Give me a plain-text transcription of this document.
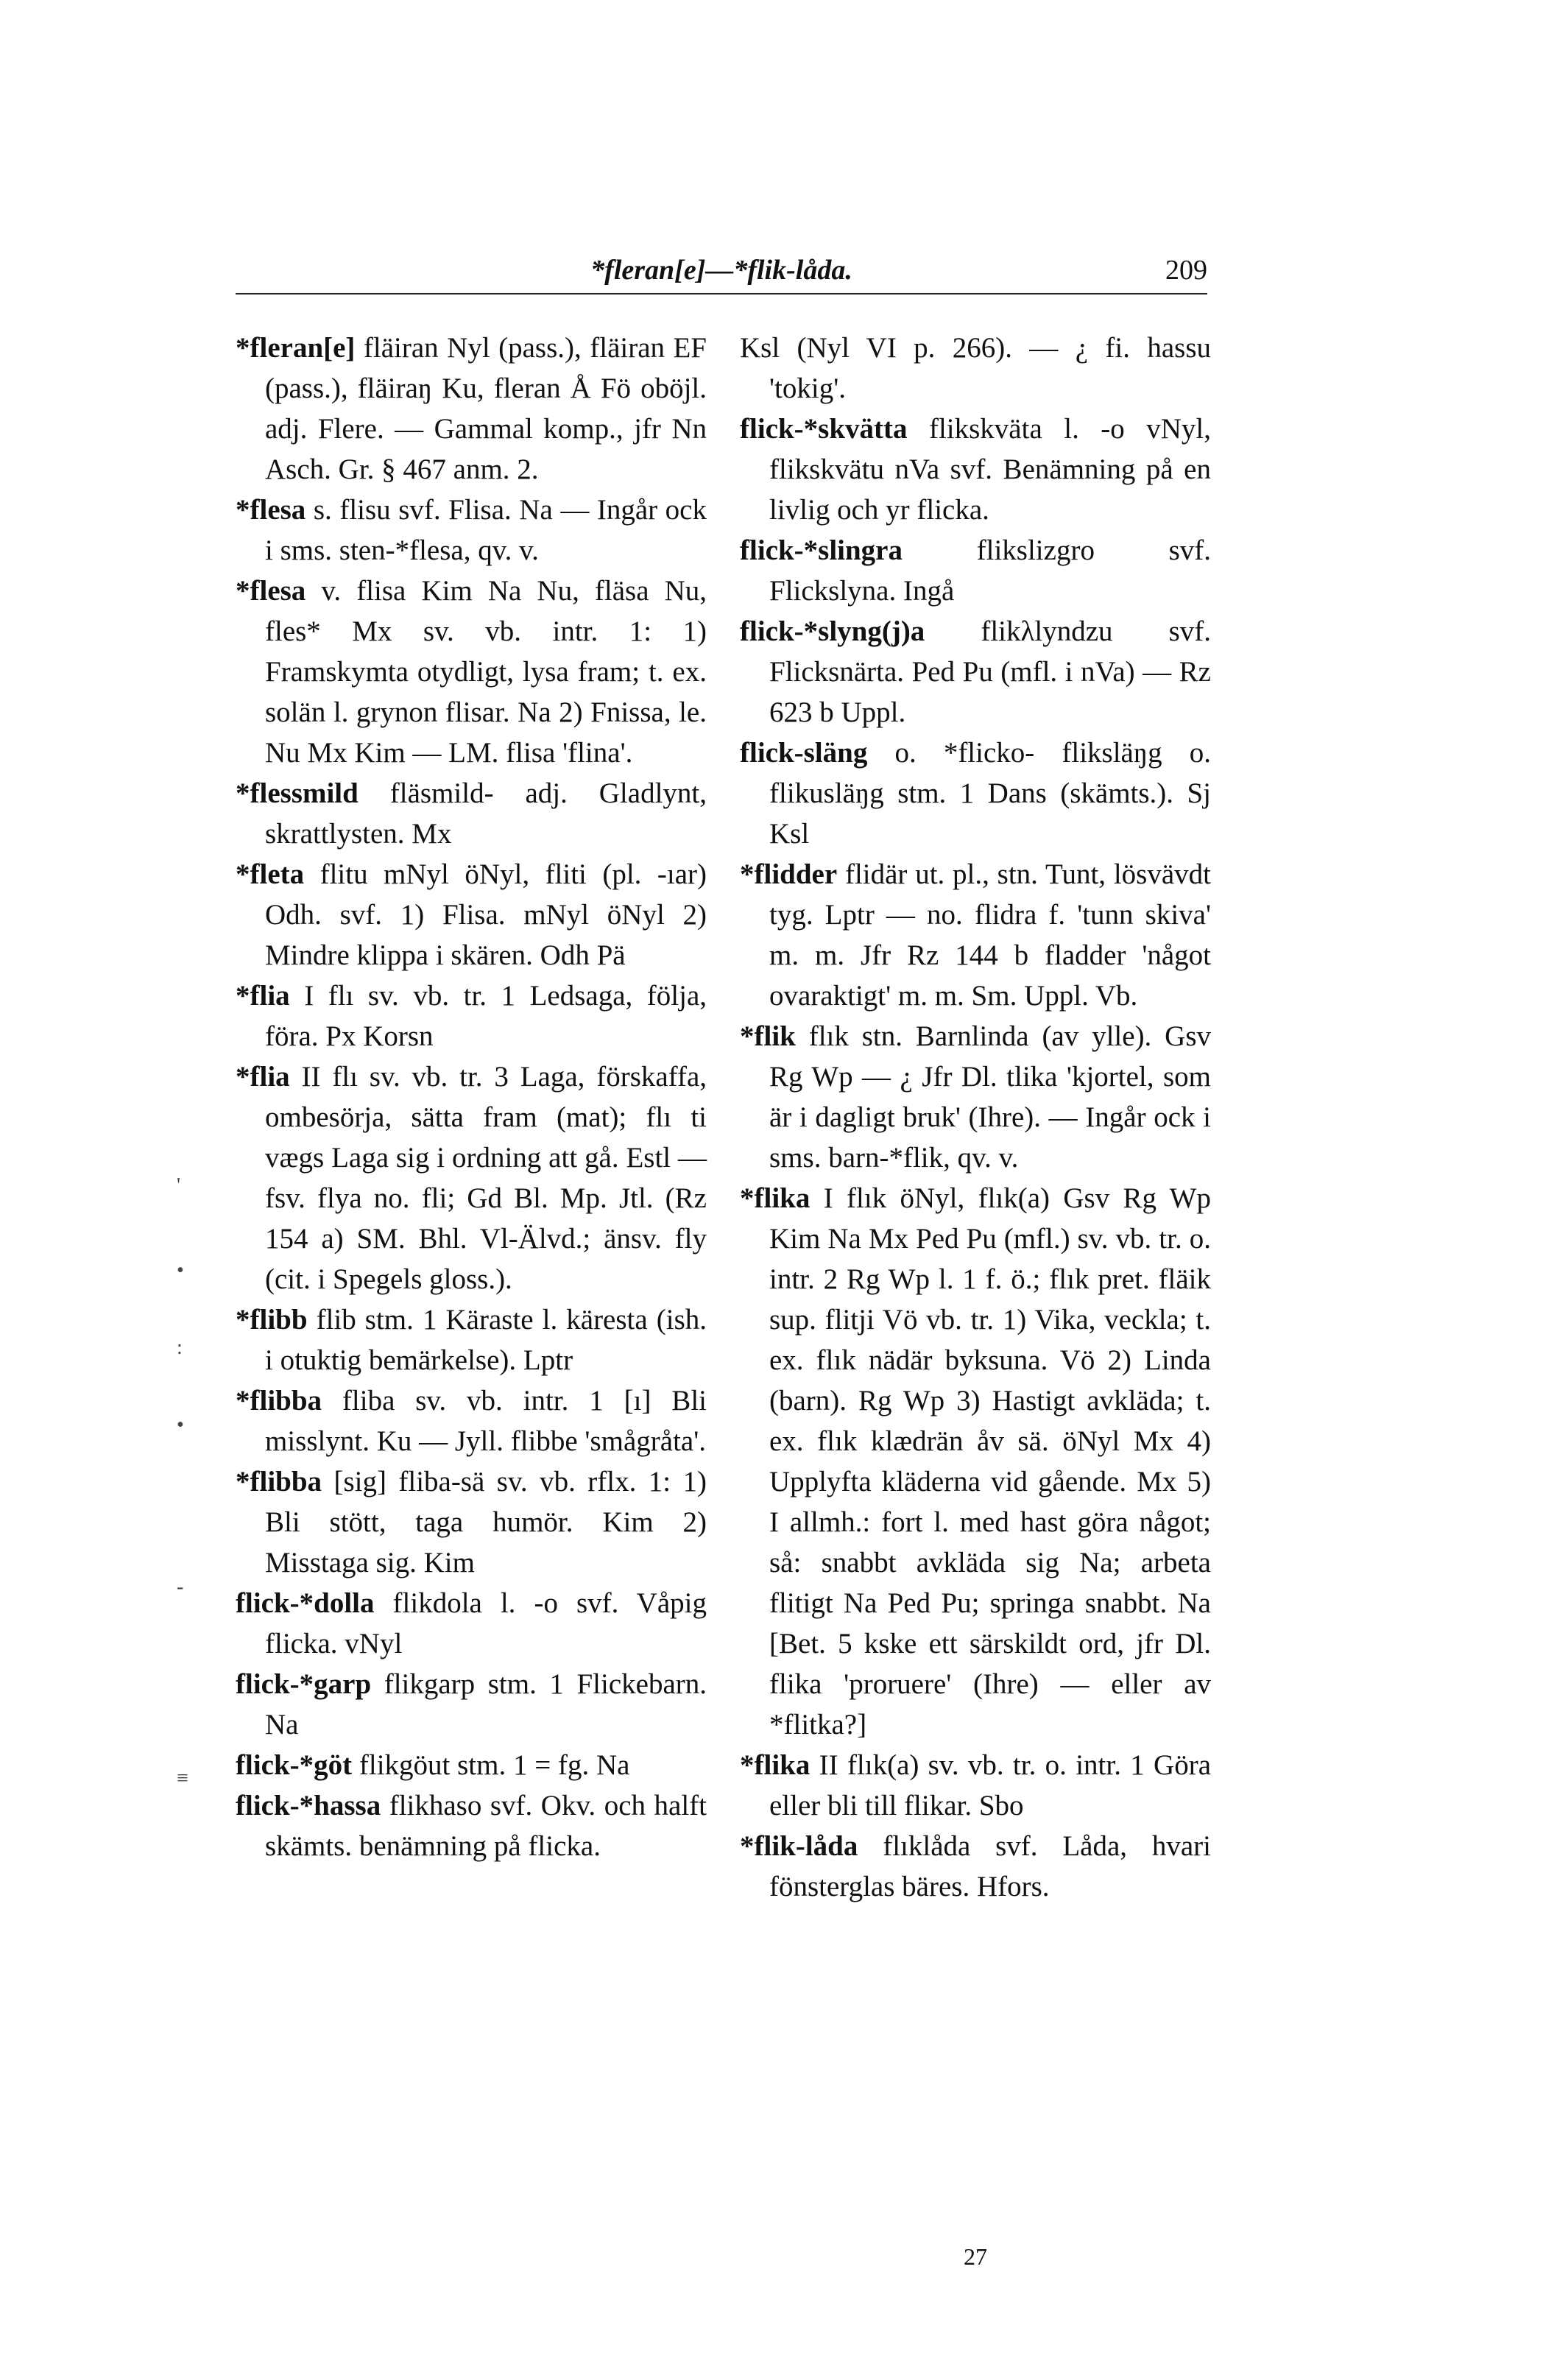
*fleran[e]—*flik-låda.	209

*fleran[e] fläiran Nyl (pass.), fläiran EF (pass.), fläiraŋ Ku, fleran Å Fö oböjl. adj. Flere. — Gammal komp., jfr Nn Asch. Gr. § 467 anm. 2.

*flesa s. flisu svf. Flisa. Na — Ingår ock i sms. sten-*flesa, qv. v.

*flesa v. flisa Kim Na Nu, fläsa Nu, fles* Mx sv. vb. intr. 1: 1) Framskymta otydligt, lysa fram; t. ex. solän l. grynon flisar. Na 2) Fnissa, le. Nu Mx Kim — LM. flisa 'flina'.

*flessmild fläsmild- adj. Gladlynt, skrattlysten. Mx

*fleta flitu mNyl öNyl, fliti (pl. -ıar) Odh. svf. 1) Flisa. mNyl öNyl 2) Mindre klippa i skären. Odh Pä

*flia I flı sv. vb. tr. 1 Ledsaga, följa, föra. Px Korsn

*flia II flı sv. vb. tr. 3 Laga, förskaffa, ombesörja, sätta fram (mat); flı ti vægs Laga sig i ordning att gå. Estl — fsv. flya no. fli; Gd Bl. Mp. Jtl. (Rz 154 a) SM. Bhl. Vl-Älvd.; änsv. fly (cit. i Spegels gloss.).

*flibb flib stm. 1 Käraste l. käresta (ish. i otuktig bemärkelse). Lptr

*flibba fliba sv. vb. intr. 1 [ı] Bli misslynt. Ku — Jyll. flibbe 'smågråta'.

*flibba [sig] fliba-sä sv. vb. rflx. 1: 1) Bli stött, taga humör. Kim 2) Misstaga sig. Kim

flick-*dolla flikdola l. -o svf. Våpig flicka. vNyl

flick-*garp flikgarp stm. 1 Flickebarn. Na

flick-*göt flikgöut stm. 1 = fg. Na

flick-*hassa flikhaso svf. Okv. och halft skämts. benämning på flicka.

Ksl (Nyl VI p. 266). — ¿ fi. hassu 'tokig'.

flick-*skvätta flikskväta l. -o vNyl, flikskvätu nVa svf. Benämning på en livlig och yr flicka.

flick-*slingra	flikslizgro svf. Flickslyna. Ingå

flick-*slyng(j)a flikλlyndzu svf. Flicksnärta. Ped Pu (mfl. i nVa) — Rz 623 b Uppl.

flick-släng o. *flicko- fliksläŋg o. flikusläŋg stm. 1 Dans (skämts.). Sj Ksl

*flidder flidär ut. pl., stn. Tunt, lösvävdt tyg. Lptr — no. flidra f. 'tunn skiva' m. m. Jfr Rz 144 b fladder 'något ovaraktigt' m. m. Sm. Uppl. Vb.

*flik flık stn. Barnlinda (av ylle). Gsv Rg Wp — ¿ Jfr Dl. tlika 'kjortel, som är i dagligt bruk' (Ihre). — Ingår ock i sms. barn-*flik, qv. v.

*flika I flık öNyl, flık(a) Gsv Rg Wp Kim Na Mx Ped Pu (mfl.) sv. vb. tr. o. intr. 2 Rg Wp l. 1 f. ö.; flık pret. fläik sup. flitji Vö vb. tr. 1) Vika, veckla; t. ex. flık nädär byksuna. Vö 2) Linda (barn). Rg Wp 3) Hastigt avkläda; t. ex. flık klædrän åv sä. öNyl Mx 4) Upplyfta kläderna vid gående. Mx 5) I allmh.: fort l. med hast göra något; så: snabbt avkläda sig Na; arbeta flitigt Na Ped Pu; springa snabbt. Na [Bet. 5 kske ett särskildt ord, jfr Dl. flika 'proruere' (Ihre) — eller av *flitka?]

*flika II flık(a) sv. vb. tr. o. intr. 1 Göra eller bli till flikar. Sbo

*flik-låda flıklåda svf. Låda, hvari fönsterglas bäres. Hfors.

'
•
:
•
-
≡
27
